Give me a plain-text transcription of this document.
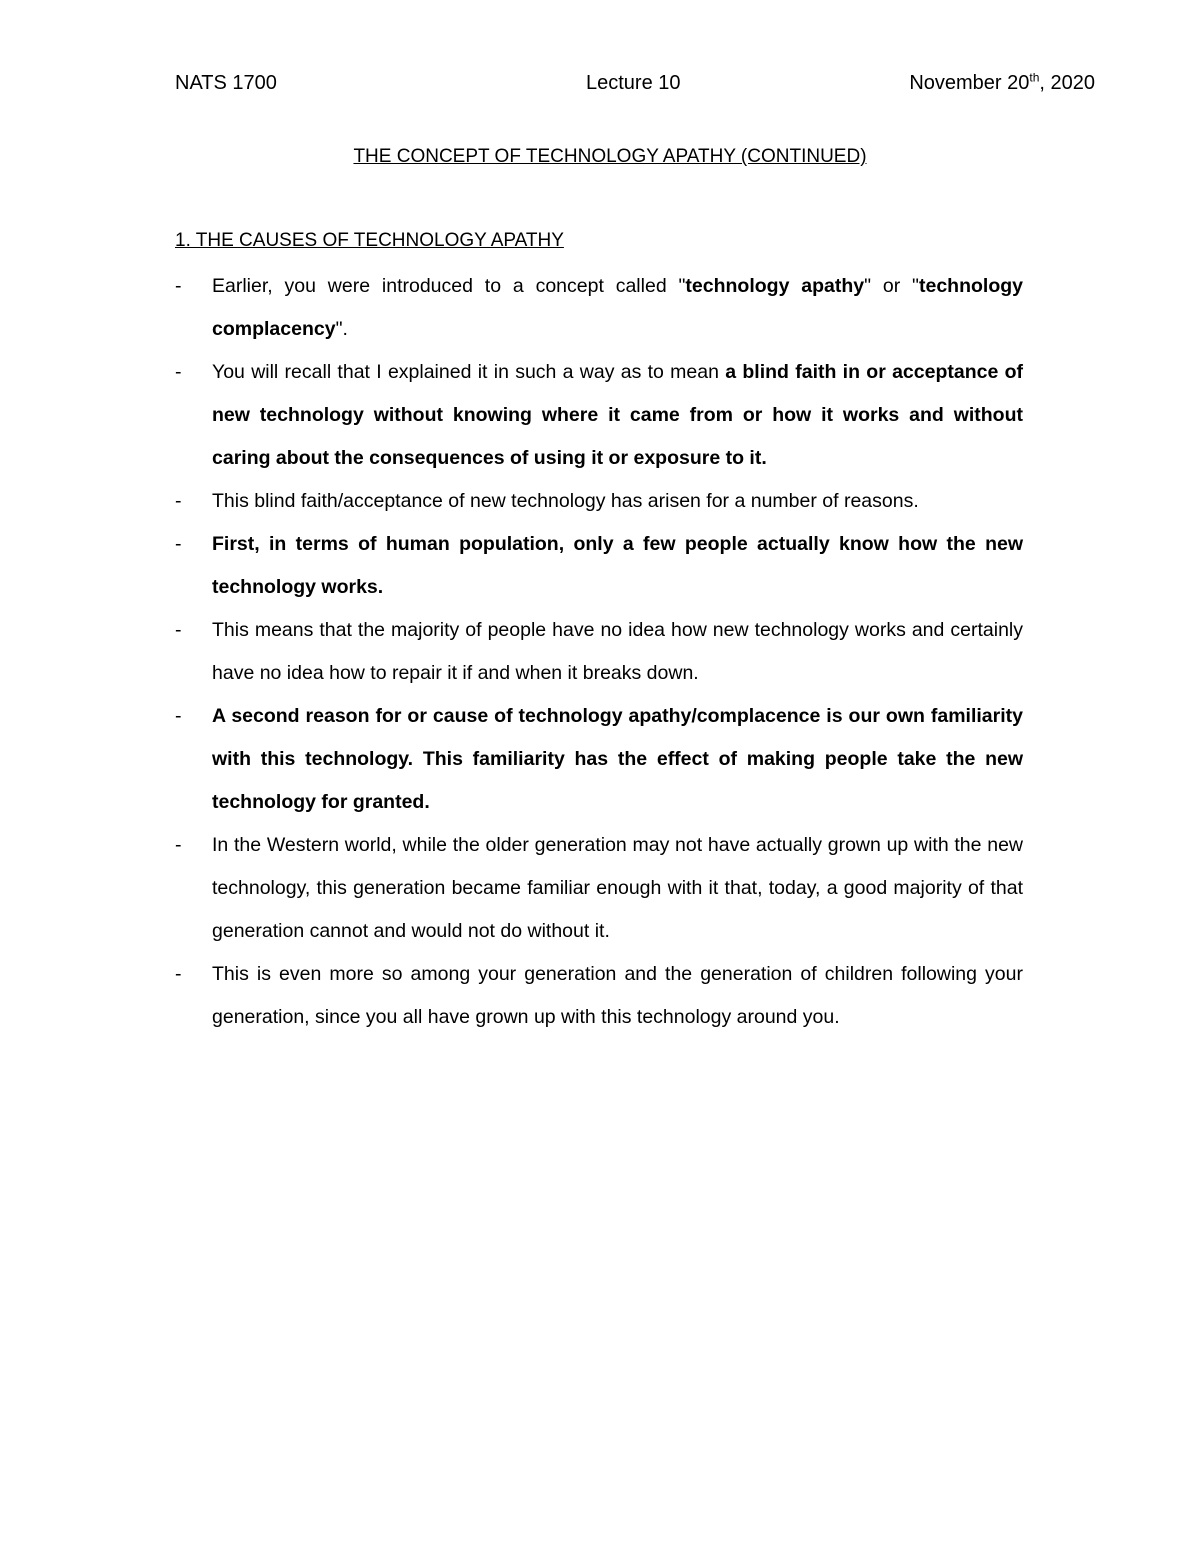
NATS 1700	Lecture 10	November 20th, 2020
THE CONCEPT OF TECHNOLOGY APATHY (CONTINUED)
1. THE CAUSES OF TECHNOLOGY APATHY
- Earlier, you were introduced to a concept called "technology apathy" or "technology complacency".
- You will recall that I explained it in such a way as to mean a blind faith in or acceptance of new technology without knowing where it came from or how it works and without caring about the consequences of using it or exposure to it.
- This blind faith/acceptance of new technology has arisen for a number of reasons.
- First, in terms of human population, only a few people actually know how the new technology works.
- This means that the majority of people have no idea how new technology works and certainly have no idea how to repair it if and when it breaks down.
- A second reason for or cause of technology apathy/complacence is our own familiarity with this technology. This familiarity has the effect of making people take the new technology for granted.
- In the Western world, while the older generation may not have actually grown up with the new technology, this generation became familiar enough with it that, today, a good majority of that generation cannot and would not do without it.
- This is even more so among your generation and the generation of children following your generation, since you all have grown up with this technology around you.
